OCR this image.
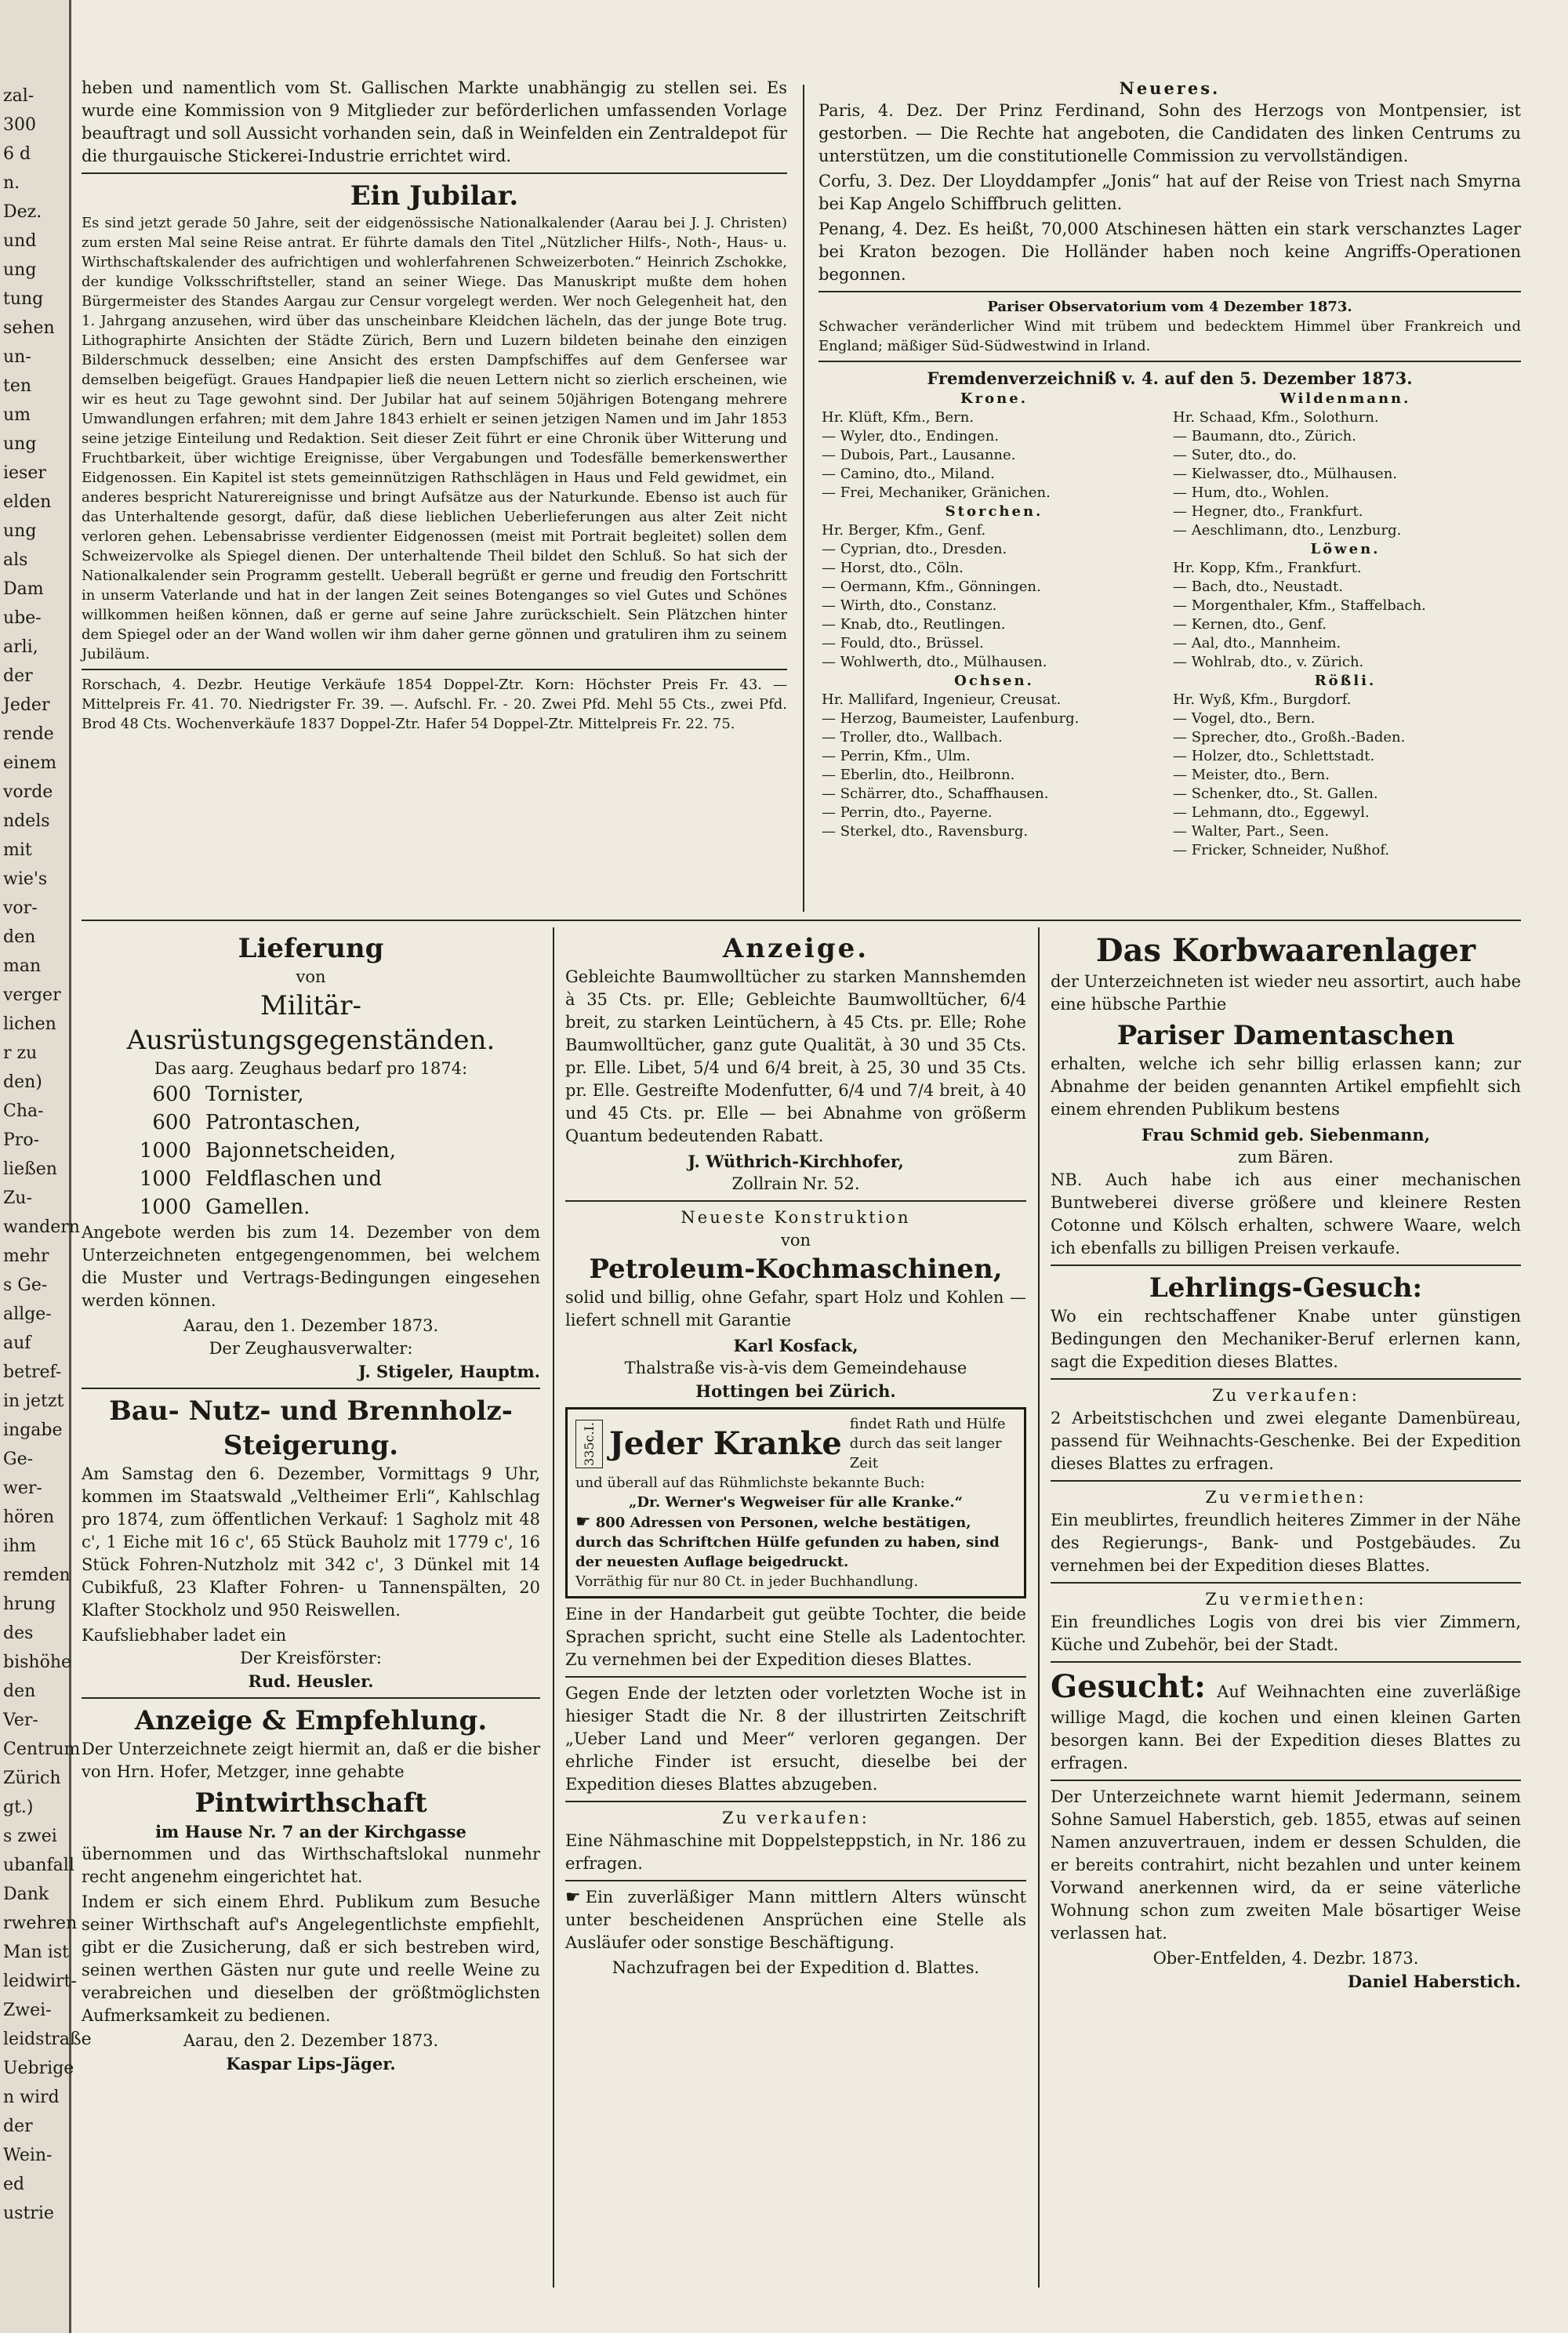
zal-
300
6 d
n.
Dez.
und
ung
tung
sehen
un-
ten
um
ung
ieser
elden
ung
als
Dam
ube-
arli,
der
Jeder
rende
einem
vorde
ndels
mit
wie's
vor-
den
man
verger
lichen
r zu
den)
Cha-
Pro-
ließen
Zu-
wandern
mehr
s Ge-
allge-
auf
betref-
in jetzt
ingabe
Ge-
wer-
hören
ihm
remden
hrung
des
bishöhe
den
Ver-
Centrum
Zürich
gt.)
s zwei
ubanfall
Dank
rwehren
Man ist
leidwirt-
Zwei-
leidstraße
Uebrige
n wird
der
Wein-
ed
ustrie

heben und namentlich vom St. Gallischen Markte unabhängig zu stellen sei. Es wurde eine Kommission von 9 Mitglieder zur beförderlichen umfassenden Vorlage beauftragt und soll Aussicht vorhanden sein, daß in Weinfelden ein Zentraldepot für die thurgauische Stickerei-Industrie errichtet wird.

Ein Jubilar.

Es sind jetzt gerade 50 Jahre, seit der eidgenössische Nationalkalender (Aarau bei J. J. Christen) zum ersten Mal seine Reise antrat. Er führte damals den Titel „Nützlicher Hilfs-, Noth-, Haus- u. Wirthschaftskalender des aufrichtigen und wohlerfahrenen Schweizerboten.“ Heinrich Zschokke, der kundige Volksschriftsteller, stand an seiner Wiege. Das Manuskript mußte dem hohen Bürgermeister des Standes Aargau zur Censur vorgelegt werden. Wer noch Gelegenheit hat, den 1. Jahrgang anzusehen, wird über das unscheinbare Kleidchen lächeln, das der junge Bote trug. Lithographirte Ansichten der Städte Zürich, Bern und Luzern bildeten beinahe den einzigen Bilderschmuck desselben; eine Ansicht des ersten Dampfschiffes auf dem Genfersee war demselben beigefügt. Graues Handpapier ließ die neuen Lettern nicht so zierlich erscheinen, wie wir es heut zu Tage gewohnt sind. Der Jubilar hat auf seinem 50jährigen Botengang mehrere Umwandlungen erfahren; mit dem Jahre 1843 erhielt er seinen jetzigen Namen und im Jahr 1853 seine jetzige Einteilung und Redaktion. Seit dieser Zeit führt er eine Chronik über Witterung und Fruchtbarkeit, über wichtige Ereignisse, über Vergabungen und Todesfälle bemerkenswerther Eidgenossen. Ein Kapitel ist stets gemeinnützigen Rathschlägen in Haus und Feld gewidmet, ein anderes bespricht Naturereignisse und bringt Aufsätze aus der Naturkunde. Ebenso ist auch für das Unterhaltende gesorgt, dafür, daß diese lieblichen Ueberlieferungen aus alter Zeit nicht verloren gehen. Lebensabrisse verdienter Eidgenossen (meist mit Portrait begleitet) sollen dem Schweizervolke als Spiegel dienen. Der unterhaltende Theil bildet den Schluß. So hat sich der Nationalkalender sein Programm gestellt. Ueberall begrüßt er gerne und freudig den Fortschritt in unserm Vaterlande und hat in der langen Zeit seines Botenganges so viel Gutes und Schönes willkommen heißen können, daß er gerne auf seine Jahre zurückschielt. Sein Plätzchen hinter dem Spiegel oder an der Wand wollen wir ihm daher gerne gönnen und gratuliren ihm zu seinem Jubiläum.

Rorschach, 4. Dezbr. Heutige Verkäufe 1854 Doppel-Ztr. Korn: Höchster Preis Fr. 43. — Mittelpreis Fr. 41. 70. Niedrigster Fr. 39. —. Aufschl. Fr. - 20. Zwei Pfd. Mehl 55 Cts., zwei Pfd. Brod 48 Cts. Wochenverkäufe 1837 Doppel-Ztr. Hafer 54 Doppel-Ztr. Mittelpreis Fr. 22. 75.

Neueres.

Paris, 4. Dez. Der Prinz Ferdinand, Sohn des Herzogs von Montpensier, ist gestorben. — Die Rechte hat angeboten, die Candidaten des linken Centrums zu unterstützen, um die constitutionelle Commission zu vervollständigen.

Corfu, 3. Dez. Der Lloyddampfer „Jonis“ hat auf der Reise von Triest nach Smyrna bei Kap Angelo Schiffbruch gelitten.

Penang, 4. Dez. Es heißt, 70,000 Atschinesen hätten ein stark verschanztes Lager bei Kraton bezogen. Die Holländer haben noch keine Angriffs-Operationen begonnen.

Pariser Observatorium vom 4 Dezember 1873.

Schwacher veränderlicher Wind mit trübem und bedecktem Himmel über Frankreich und England; mäßiger Süd-Südwestwind in Irland.

Fremdenverzeichniß v. 4. auf den 5. Dezember 1873.
Krone.
Hr. Klüft, Kfm., Bern.
— Wyler, dto., Endingen.
— Dubois, Part., Lausanne.
— Camino, dto., Miland.
— Frei, Mechaniker, Gränichen.
Storchen.
Hr. Berger, Kfm., Genf.
— Cyprian, dto., Dresden.
— Horst, dto., Cöln.
— Oermann, Kfm., Gönningen.
— Wirth, dto., Constanz.
— Knab, dto., Reutlingen.
— Fould, dto., Brüssel.
— Wohlwerth, dto., Mülhausen.
Ochsen.
Hr. Mallifard, Ingenieur, Creusat.
— Herzog, Baumeister, Laufenburg.
— Troller, dto., Wallbach.
— Perrin, Kfm., Ulm.
— Eberlin, dto., Heilbronn.
— Schärrer, dto., Schaffhausen.
— Perrin, dto., Payerne.
— Sterkel, dto., Ravensburg.

Wildenmann.
Hr. Schaad, Kfm., Solothurn.
— Baumann, dto., Zürich.
— Suter, dto., do.
— Kielwasser, dto., Mülhausen.
— Hum, dto., Wohlen.
— Hegner, dto., Frankfurt.
— Aeschlimann, dto., Lenzburg.
Löwen.
Hr. Kopp, Kfm., Frankfurt.
— Bach, dto., Neustadt.
— Morgenthaler, Kfm., Staffelbach.
— Kernen, dto., Genf.
— Aal, dto., Mannheim.
— Wohlrab, dto., v. Zürich.
Rößli.
Hr. Wyß, Kfm., Burgdorf.
— Vogel, dto., Bern.
— Sprecher, dto., Großh.-Baden.
— Holzer, dto., Schlettstadt.
— Meister, dto., Bern.
— Schenker, dto., St. Gallen.
— Lehmann, dto., Eggewyl.
— Walter, Part., Seen.
— Fricker, Schneider, Nußhof.
Lieferung
von
Militär-Ausrüstungsgegenständen.
Das aarg. Zeughaus bedarf pro 1874:
600 Tornister,
600 Patrontaschen,
1000 Bajonnetscheiden,
1000 Feldflaschen und
1000 Gamellen.

Angebote werden bis zum 14. Dezember von dem Unterzeichneten entgegengenommen, bei welchem die Muster und Vertrags-Bedingungen eingesehen werden können.

Aarau, den 1. Dezember 1873.
Der Zeughausverwalter:
J. Stigeler, Hauptm.
Bau- Nutz- und Brennholz-
Steigerung.

Am Samstag den 6. Dezember, Vormittags 9 Uhr, kommen im Staatswald „Veltheimer Erli“, Kahlschlag pro 1874, zum öffentlichen Verkauf: 1 Sagholz mit 48 c', 1 Eiche mit 16 c', 65 Stück Bauholz mit 1779 c', 16 Stück Fohren-Nutzholz mit 342 c', 3 Dünkel mit 14 Cubikfuß, 23 Klafter Fohren- u Tannenspälten, 20 Klafter Stockholz und 950 Reiswellen.

Kaufsliebhaber ladet ein
Der Kreisförster:
Rud. Heusler.
Anzeige & Empfehlung.

Der Unterzeichnete zeigt hiermit an, daß er die bisher von Hrn. Hofer, Metzger, inne gehabte

Pintwirthschaft
im Hause Nr. 7 an der Kirchgasse

übernommen und das Wirthschaftslokal nunmehr recht angenehm eingerichtet hat.

Indem er sich einem Ehrd. Publikum zum Besuche seiner Wirthschaft auf's Angelegentlichste empfiehlt, gibt er die Zusicherung, daß er sich bestreben wird, seinen werthen Gästen nur gute und reelle Weine zu verabreichen und dieselben der größtmöglichsten Aufmerksamkeit zu bedienen.

Aarau, den 2. Dezember 1873.
Kaspar Lips-Jäger.
Anzeige.

Gebleichte Baumwolltücher zu starken Mannshemden à 35 Cts. pr. Elle; Gebleichte Baumwolltücher, 6/4 breit, zu starken Leintüchern, à 45 Cts. pr. Elle; Rohe Baumwolltücher, ganz gute Qualität, à 30 und 35 Cts. pr. Elle. Libet, 5/4 und 6/4 breit, à 25, 30 und 35 Cts. pr. Elle. Gestreifte Modenfutter, 6/4 und 7/4 breit, à 40 und 45 Cts. pr. Elle — bei Abnahme von größerm Quantum bedeutenden Rabatt.

J. Wüthrich-Kirchhofer,
Zollrain Nr. 52.
Neueste Konstruktion
von
Petroleum-Kochmaschinen,

solid und billig, ohne Gefahr, spart Holz und Kohlen — liefert schnell mit Garantie

Karl Kosfack,
Thalstraße vis-à-vis dem Gemeindehause
Hottingen bei Zürich.
335c.I. Jeder Kranke
findet Rath und Hülfe durch das seit langer Zeit
und überall auf das Rühmlichste bekannte Buch:
„Dr. Werner's Wegweiser für alle Kranke.“
☛ 800 Adressen von Personen, welche bestätigen, durch das Schriftchen Hülfe gefunden zu haben, sind der neuesten Auflage beigedruckt.
Vorräthig für nur 80 Ct. in jeder Buchhandlung.

Eine in der Handarbeit gut geübte Tochter, die beide Sprachen spricht, sucht eine Stelle als Ladentochter. Zu vernehmen bei der Expedition dieses Blattes.

Gegen Ende der letzten oder vorletzten Woche ist in hiesiger Stadt die Nr. 8 der illustrirten Zeitschrift „Ueber Land und Meer“ verloren gegangen. Der ehrliche Finder ist ersucht, dieselbe bei der Expedition dieses Blattes abzugeben.

Zu verkaufen:

Eine Nähmaschine mit Doppelsteppstich, in Nr. 186 zu erfragen.

☛ Ein zuverläßiger Mann mittlern Alters wünscht unter bescheidenen Ansprüchen eine Stelle als Ausläufer oder sonstige Beschäftigung.

Nachzufragen bei der Expedition d. Blattes.
Das Korbwaarenlager

der Unterzeichneten ist wieder neu assortirt, auch habe eine hübsche Parthie

Pariser Damentaschen

erhalten, welche ich sehr billig erlassen kann; zur Abnahme der beiden genannten Artikel empfiehlt sich einem ehrenden Publikum bestens

Frau Schmid geb. Siebenmann,
zum Bären.

NB. Auch habe ich aus einer mechanischen Buntweberei diverse größere und kleinere Resten Cotonne und Kölsch erhalten, schwere Waare, welch ich ebenfalls zu billigen Preisen verkaufe.

Lehrlings-Gesuch:

Wo ein rechtschaffener Knabe unter günstigen Bedingungen den Mechaniker-Beruf erlernen kann, sagt die Expedition dieses Blattes.

Zu verkaufen:

2 Arbeitstischchen und zwei elegante Damenbüreau, passend für Weihnachts-Geschenke. Bei der Expedition dieses Blattes zu erfragen.

Zu vermiethen:

Ein meublirtes, freundlich heiteres Zimmer in der Nähe des Regierungs-, Bank- und Postgebäudes. Zu vernehmen bei der Expedition dieses Blattes.

Zu vermiethen:

Ein freundliches Logis von drei bis vier Zimmern, Küche und Zubehör, bei der Stadt.

Gesucht: Auf Weihnachten eine zuverläßige willige Magd, die kochen und einen kleinen Garten besorgen kann. Bei der Expedition dieses Blattes zu erfragen.

Der Unterzeichnete warnt hiemit Jedermann, seinem Sohne Samuel Haberstich, geb. 1855, etwas auf seinen Namen anzuvertrauen, indem er dessen Schulden, die er bereits contrahirt, nicht bezahlen und unter keinem Vorwand anerkennen wird, da er seine väterliche Wohnung schon zum zweiten Male bösartiger Weise verlassen hat.

Ober-Entfelden, 4. Dezbr. 1873.
Daniel Haberstich.
